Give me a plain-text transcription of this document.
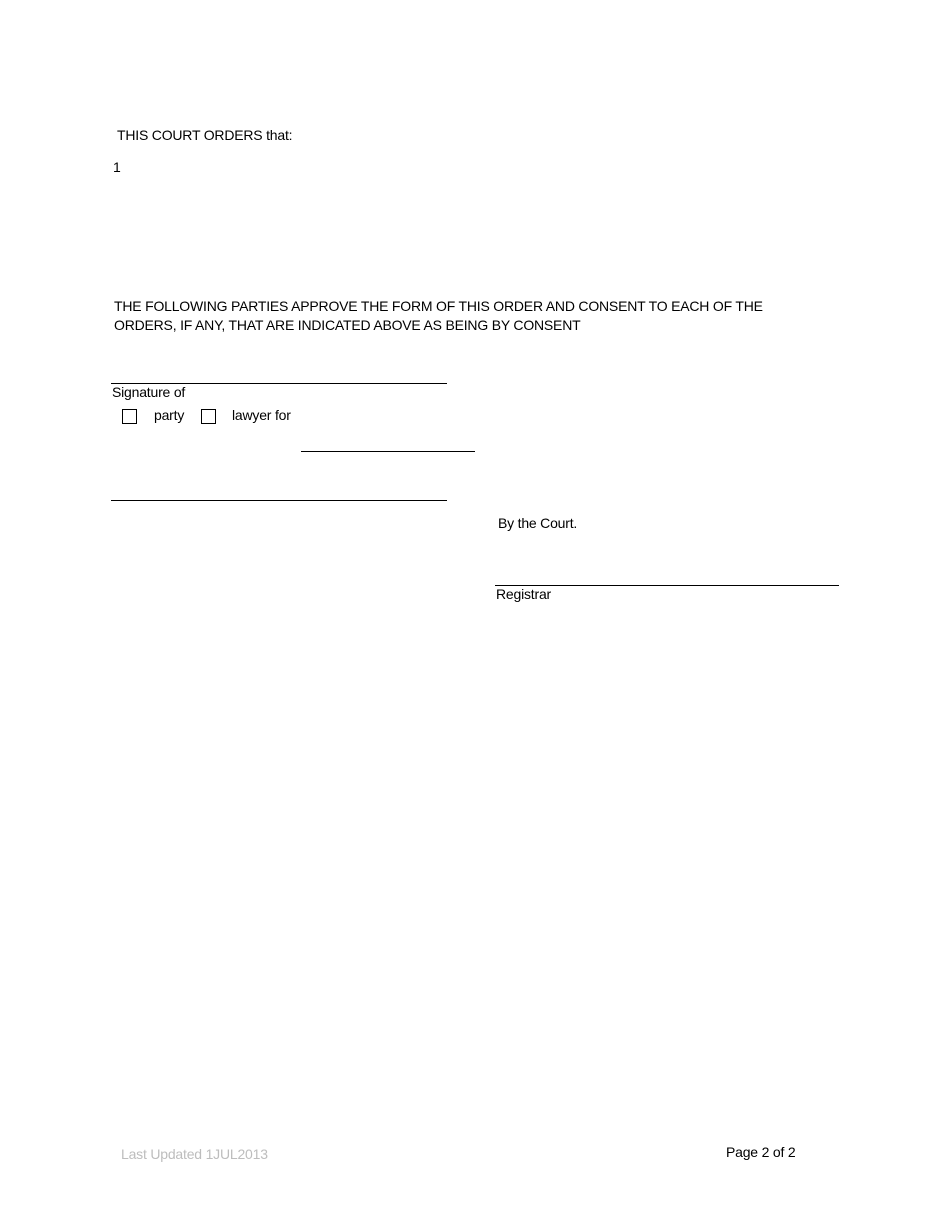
THIS COURT ORDERS that:
1
THE FOLLOWING PARTIES APPROVE THE FORM OF THIS ORDER AND CONSENT TO EACH OF THE ORDERS, IF ANY, THAT ARE INDICATED ABOVE AS BEING BY CONSENT
Signature of
party	lawyer for
By the Court.
Registrar
Last Updated 1JUL2013	Page 2 of 2
